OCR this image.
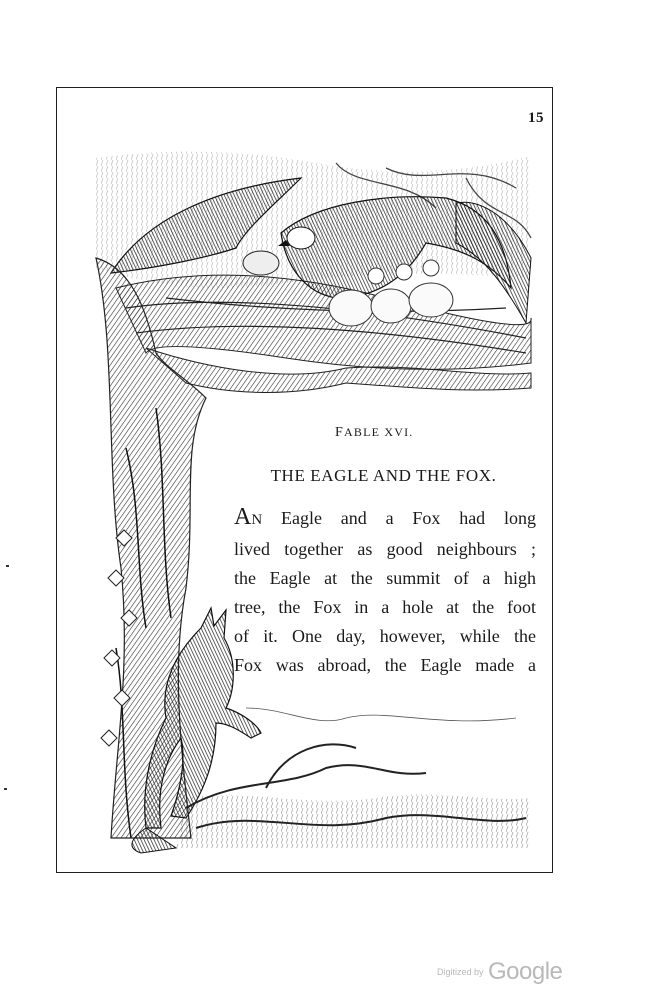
15
FABLE XVI.
THE EAGLE AND THE FOX.
AN Eagle and a Fox had long
lived together as good neighbours ;
the Eagle at the summit of a high
tree, the Fox in a hole at the foot
of it. One day, however, while the
Fox was abroad, the Eagle made a
Digitized by Google
